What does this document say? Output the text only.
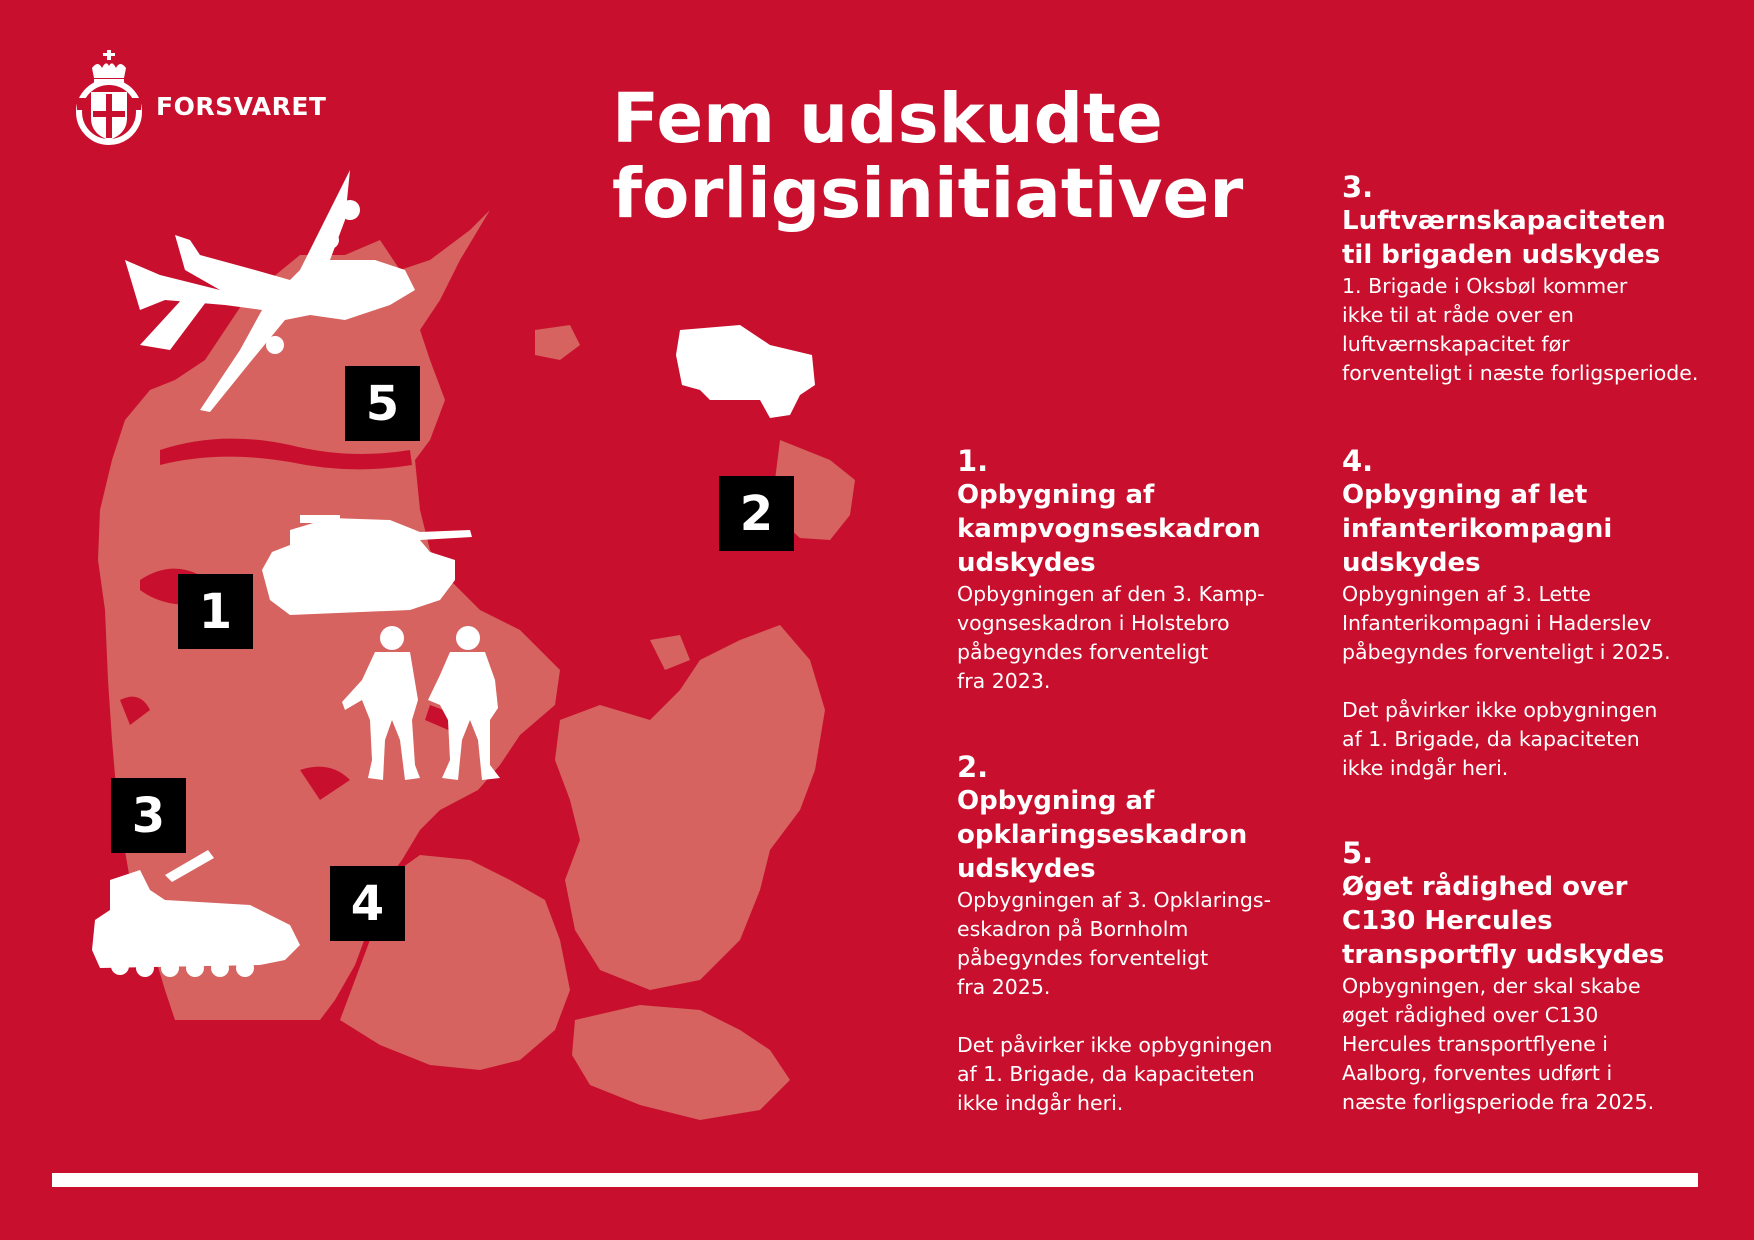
FORSVARET	Fem udskudte
forligsinitiativer
5
2
1
3
4
1.
Opbygning af
kampvognseskadron
udskydes

Opbygningen af den 3. Kamp-

vognseskadron i Holstebro

påbegyndes forventeligt

fra 2023.

2.
Opbygning af
opklaringseskadron
udskydes

Opbygningen af 3. Opklarings-

eskadron på Bornholm

påbegyndes forventeligt

fra 2025.

Det påvirker ikke opbygningen

af 1. Brigade, da kapaciteten

ikke indgår heri.

3.
Luftværnskapaciteten
til brigaden udskydes

1. Brigade i Oksbøl kommer

ikke til at råde over en

luftværnskapacitet før

forventeligt i næste forligsperiode.

4.
Opbygning af let
infanterikompagni
udskydes

Opbygningen af 3. Lette

Infanterikompagni i Haderslev

påbegyndes forventeligt i 2025.

Det påvirker ikke opbygningen

af 1. Brigade, da kapaciteten

ikke indgår heri.

5.
Øget rådighed over
C130 Hercules
transportfly udskydes

Opbygningen, der skal skabe

øget rådighed over C130

Hercules transportflyene i

Aalborg, forventes udført i

næste forligsperiode fra 2025.
